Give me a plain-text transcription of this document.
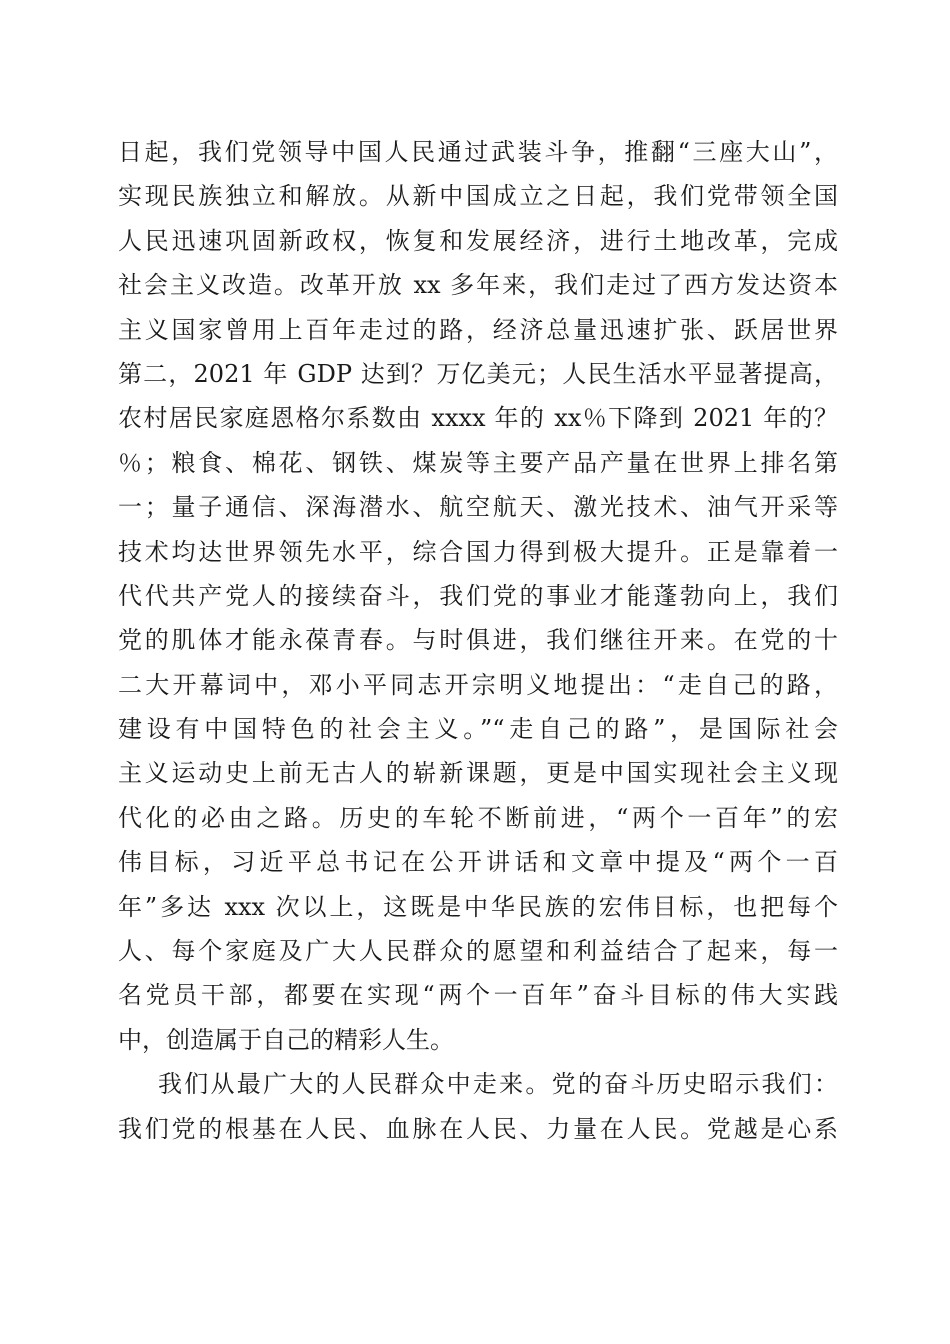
日起，我们党领导中国人民通过武装斗争，推翻“三座大山”，
实现民族独立和解放。从新中国成立之日起，我们党带领全国
人民迅速巩固新政权，恢复和发展经济，进行土地改革，完成
社会主义改造。改革开放 xx 多年来，我们走过了西方发达资本
主义国家曾用上百年走过的路，经济总量迅速扩张、跃居世界
第二，2021 年 GDP 达到？万亿美元；人民生活水平显著提高，
农村居民家庭恩格尔系数由 xxxx 年的 xx％下降到 2021 年的？
％；粮食、棉花、钢铁、煤炭等主要产品产量在世界上排名第
一；量子通信、深海潜水、航空航天、激光技术、油气开采等
技术均达世界领先水平，综合国力得到极大提升。正是靠着一
代代共产党人的接续奋斗，我们党的事业才能蓬勃向上，我们
党的肌体才能永葆青春。与时俱进，我们继往开来。在党的十
二大开幕词中，邓小平同志开宗明义地提出：“走自己的路，
建设有中国特色的社会主义。”“走自己的路”，是国际社会
主义运动史上前无古人的崭新课题，更是中国实现社会主义现
代化的必由之路。历史的车轮不断前进，“两个一百年”的宏
伟目标，习近平总书记在公开讲话和文章中提及“两个一百
年”多达 xxx 次以上，这既是中华民族的宏伟目标，也把每个
人、每个家庭及广大人民群众的愿望和利益结合了起来，每一
名党员干部，都要在实现“两个一百年”奋斗目标的伟大实践
中，创造属于自己的精彩人生。
我们从最广大的人民群众中走来。党的奋斗历史昭示我们：
我们党的根基在人民、血脉在人民、力量在人民。党越是心系
